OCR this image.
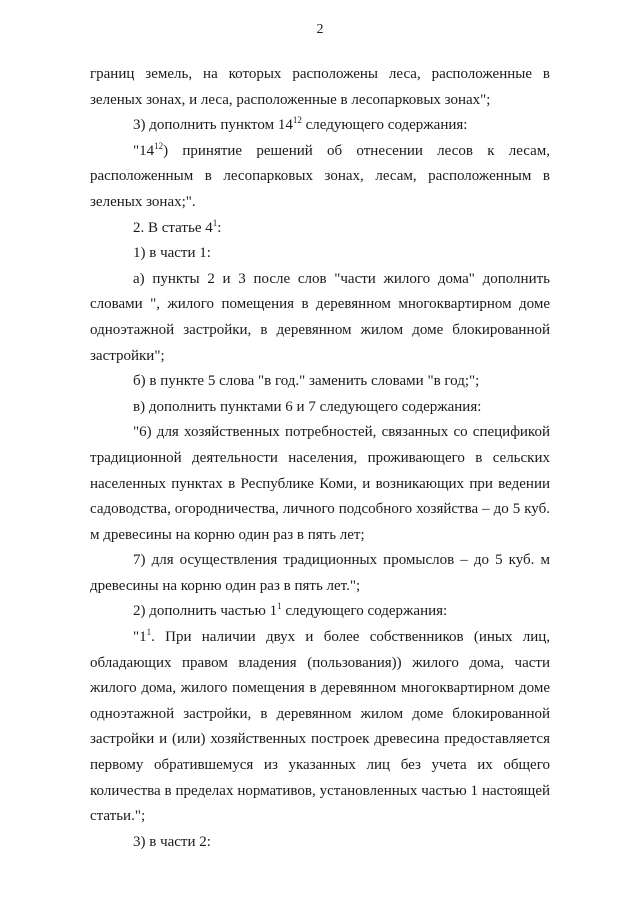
2

границ земель, на которых расположены леса, расположенные в зеленых зонах, и леса, расположенные в лесопарковых зонах";

3) дополнить пунктом $14^{12}$ следующего содержания:

"$14^{12}$) принятие решений об отнесении лесов к лесам, расположенным в лесопарковых зонах, лесам, расположенным в зеленых зонах;".

2. В статье $4^1$:

1) в части 1:

а) пункты 2 и 3 после слов "части жилого дома" дополнить словами ", жилого помещения в деревянном многоквартирном доме одноэтажной застройки, в деревянном жилом доме блокированной застройки";

б) в пункте 5 слова "в год." заменить словами "в год;";

в) дополнить пунктами 6 и 7 следующего содержания:

"6) для хозяйственных потребностей, связанных со спецификой традиционной деятельности населения, проживающего в сельских населенных пунктах в Республике Коми, и возникающих при ведении садоводства, огородничества, личного подсобного хозяйства – до 5 куб. м древесины на корню один раз в пять лет;

7) для осуществления традиционных промыслов – до 5 куб. м древесины на корню один раз в пять лет.";

2) дополнить частью $1^1$ следующего содержания:

"$1^1$. При наличии двух и более собственников (иных лиц, обладающих правом владения (пользования)) жилого дома, части жилого дома, жилого помещения в деревянном многоквартирном доме одноэтажной застройки, в деревянном жилом доме блокированной застройки и (или) хозяйственных построек древесина предоставляется первому обратившемуся из указанных лиц без учета их общего количества в пределах нормативов, установленных частью 1 настоящей статьи.";

3) в части 2:
